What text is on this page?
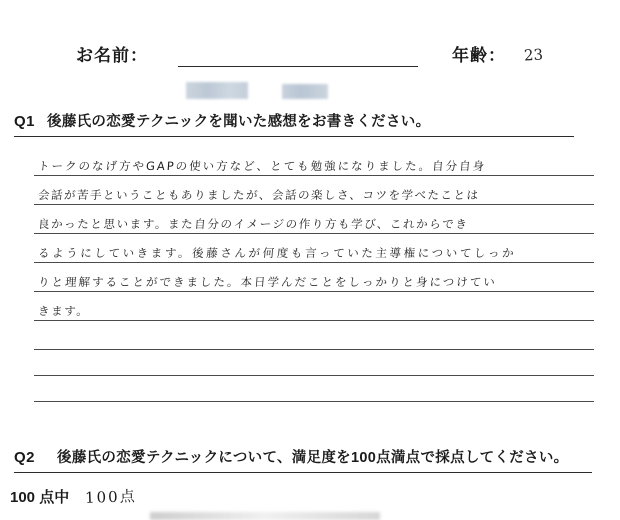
お名前：	年齢： 23
Q1 後藤氏の恋愛テクニックを聞いた感想をお書きください。
トークのなげ方やGAPの使い方など、とても勉強になりました。自分自身
会話が苦手ということもありましたが、会話の楽しさ、コツを学べたことは
良かったと思います。また自分のイメージの作り方も学び、これからでき
るようにしていきます。後藤さんが何度も言っていた主導権についてしっか
りと理解することができました。本日学んだことをしっかりと身につけてい
きます。
Q2 後藤氏の恋愛テクニックについて、満足度を100点満点で採点してください。
100 点中 100点
